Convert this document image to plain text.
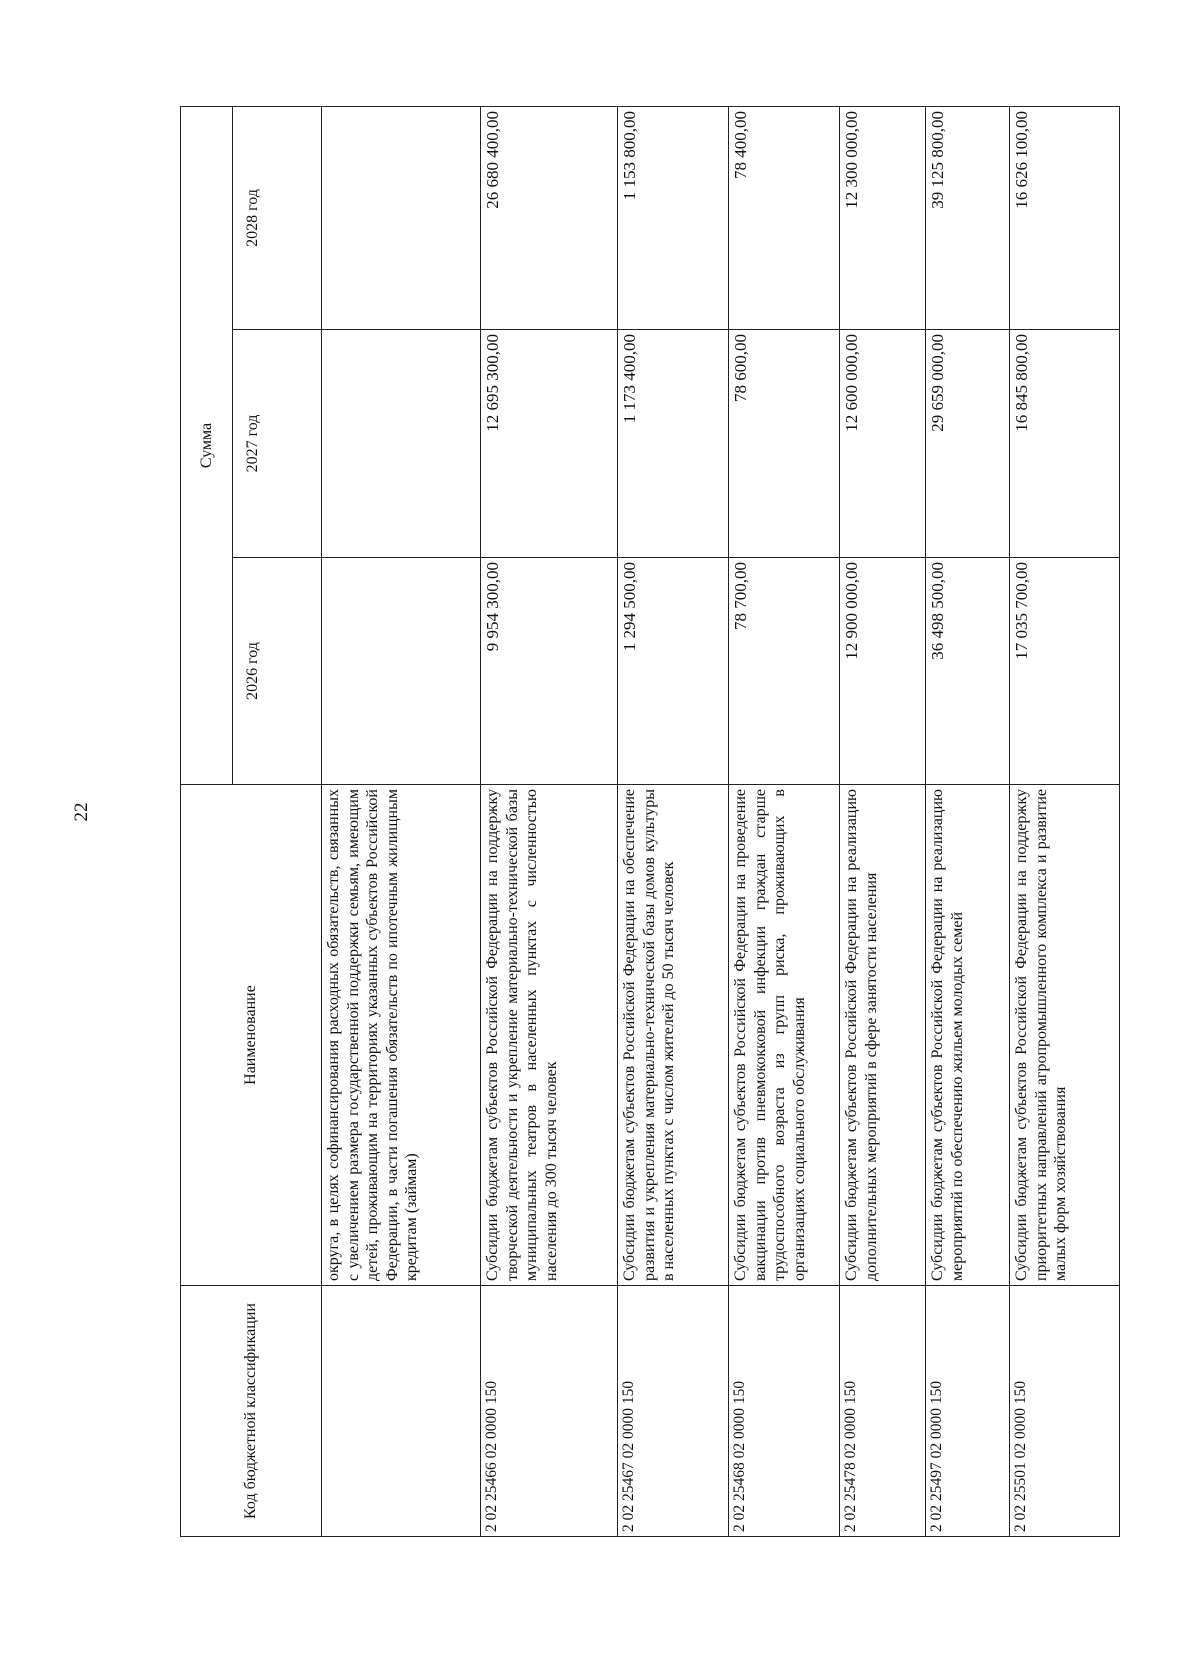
22
Код бюджетной классификации	Наименование	Сумма		
		2026 год	2027 год	2028 год
	округа, в целях софинансирования расходных обязательств, связанных с увеличением размера государственной поддержки семьям, имеющим детей, проживающим на территориях указанных субъектов Российской Федерации, в части погашения обязательств по ипотечным жилищным кредитам (займам)			
2 02 25466 02 0000 150	Субсидии бюджетам субъектов Российской Федерации на поддержку творческой деятельности и укрепление материально-технической базы муниципальных театров в населенных пунктах с численностью населения до 300 тысяч человек	9 954 300,00	12 695 300,00	26 680 400,00
2 02 25467 02 0000 150	Субсидии бюджетам субъектов Российской Федерации на обеспечение развития и укрепления материально-технической базы домов культуры в населенных пунктах с числом жителей до 50 тысяч человек	1 294 500,00	1 173 400,00	1 153 800,00
2 02 25468 02 0000 150	Субсидии бюджетам субъектов Российской Федерации на проведение вакцинации против пневмококковой инфекции граждан старше трудоспособного возраста из групп риска, проживающих в организациях социального обслуживания	78 700,00	78 600,00	78 400,00
2 02 25478 02 0000 150	Субсидии бюджетам субъектов Российской Федерации на реализацию дополнительных мероприятий в сфере занятости населения	12 900 000,00	12 600 000,00	12 300 000,00
2 02 25497 02 0000 150	Субсидии бюджетам субъектов Российской Федерации на реализацию мероприятий по обеспечению жильем молодых семей	36 498 500,00	29 659 000,00	39 125 800,00
2 02 25501 02 0000 150	Субсидии бюджетам субъектов Российской Федерации на поддержку приоритетных направлений агропромышленного комплекса и развитие малых форм хозяйствования	17 035 700,00	16 845 800,00	16 626 100,00
